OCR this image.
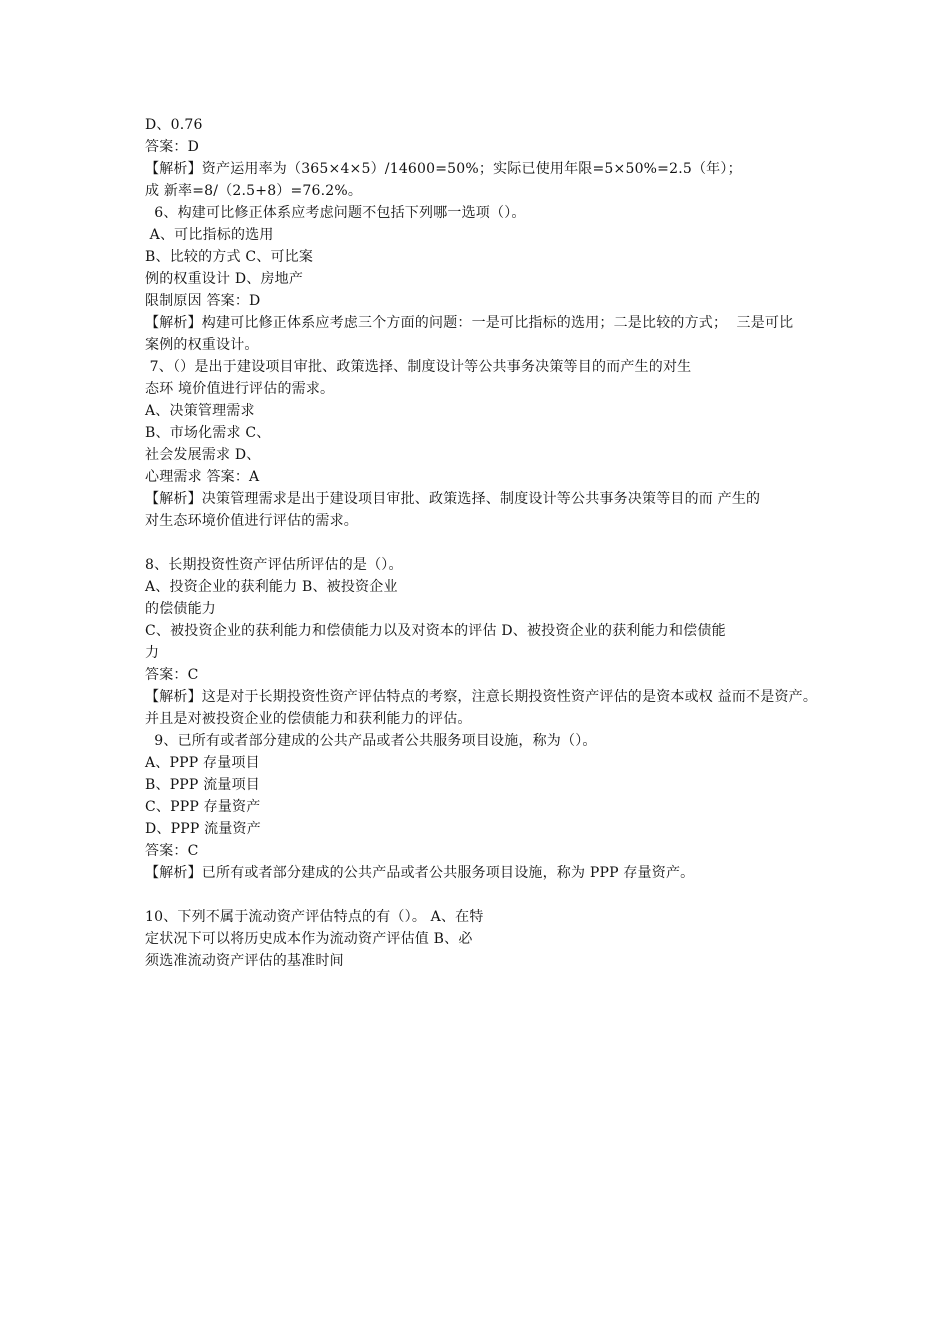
D、0.76
答案：D
【解析】资产运用率为（365×4×5）/14600=50%；实际已使用年限=5×50%=2.5（年）；
成 新率=8/（2.5+8）=76.2%。
6、构建可比修正体系应考虑问题不包括下列哪一选项（）。
A、可比指标的选用
B、比较的方式 C、可比案
例的权重设计 D、房地产
限制原因 答案：D
【解析】构建可比修正体系应考虑三个方面的问题：一是可比指标的选用；二是比较的方式；  三是可比
案例的权重设计。
7、（）是出于建设项目审批、政策选择、制度设计等公共事务决策等目的而产生的对生
态环 境价值进行评估的需求。
A、决策管理需求
B、市场化需求 C、
社会发展需求 D、
心理需求 答案：A
【解析】决策管理需求是出于建设项目审批、政策选择、制度设计等公共事务决策等目的而 产生的
对生态环境价值进行评估的需求。
8、长期投资性资产评估所评估的是（）。
A、投资企业的获利能力 B、被投资企业
的偿债能力
C、被投资企业的获利能力和偿债能力以及对资本的评估 D、被投资企业的获利能力和偿债能
力
答案：C
【解析】这是对于长期投资性资产评估特点的考察，注意长期投资性资产评估的是资本或权 益而不是资产。
并且是对被投资企业的偿债能力和获利能力的评估。
9、已所有或者部分建成的公共产品或者公共服务项目设施，称为（）。
A、PPP 存量项目
B、PPP 流量项目
C、PPP 存量资产
D、PPP 流量资产
答案：C
【解析】已所有或者部分建成的公共产品或者公共服务项目设施，称为 PPP 存量资产。
10、下列不属于流动资产评估特点的有（）。 A、在特
定状况下可以将历史成本作为流动资产评估值 B、必
须选准流动资产评估的基准时间
